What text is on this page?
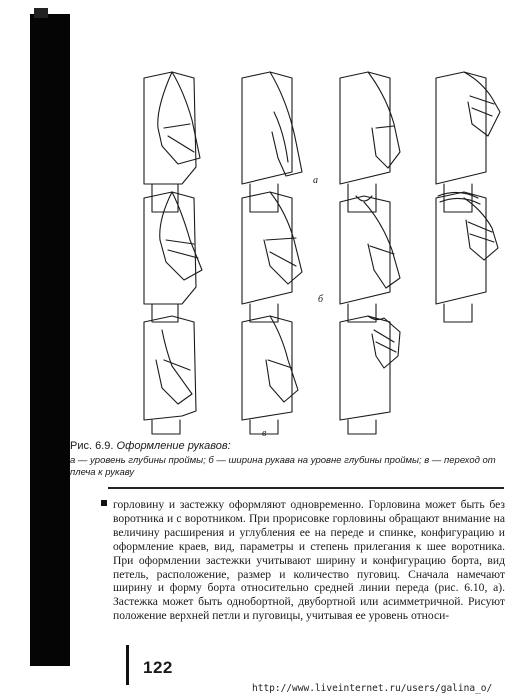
а
б
в

Рис. 6.9. Оформление рукавов:

а — уровень глубины проймы; б — ширина рукава на уровне глубины проймы; в — переход от плеча к рукаву

горловину и застежку оформляют одновременно. Горловина может быть без воротника и с воротником. При прорисовке горловины обращают внимание на величину расширения и углубления ее на переде и спинке, конфигурацию и оформление краев, вид, параметры и степень прилегания к шее воротника. При оформлении застежки учитывают ширину и конфигурацию борта, вид петель, расположение, размер и количество пуговиц. Сначала намечают ширину и форму борта относительно средней линии переда (рис. 6.10, а). Застежка может быть однобортной, двубортной или асимметричной. Рисуют положение верхней петли и пуговицы, учитывая ее уровень относи-

122
http://www.liveinternet.ru/users/galina_o/
